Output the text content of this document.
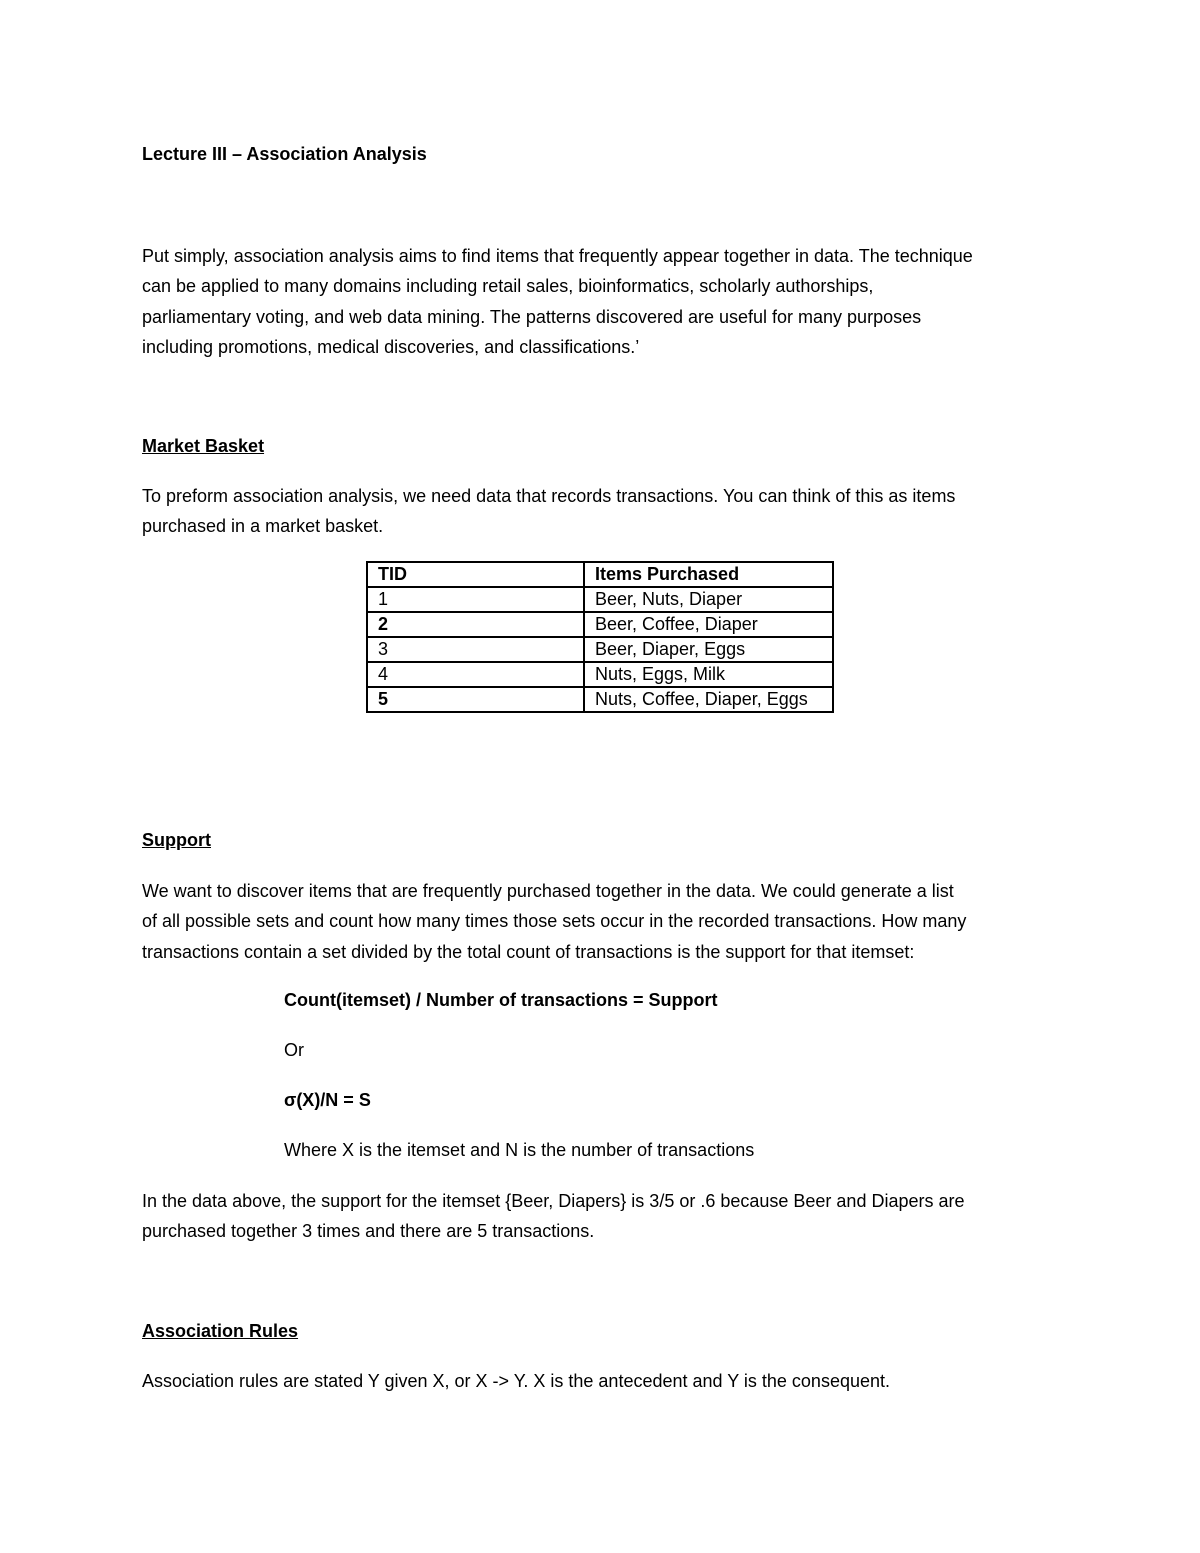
Lecture III – Association Analysis

Put simply, association analysis aims to find items that frequently appear together in data. The technique
can be applied to many domains including retail sales, bioinformatics, scholarly authorships,
parliamentary voting, and web data mining. The patterns discovered are useful for many purposes
including promotions, medical discoveries, and classifications.’

Market Basket

To preform association analysis, we need data that records transactions. You can think of this as items
purchased in a market basket.
TID	Items Purchased
1	Beer, Nuts, Diaper
2	Beer, Coffee, Diaper
3	Beer, Diaper, Eggs
4	Nuts, Eggs, Milk
5	Nuts, Coffee, Diaper, Eggs

Support

We want to discover items that are frequently purchased together in the data. We could generate a list
of all possible sets and count how many times those sets occur in the recorded transactions. How many
transactions contain a set divided by the total count of transactions is the support for that itemset:

Count(itemset) / Number of transactions = Support

Or

σ(X)/N = S

Where X is the itemset and N is the number of transactions

In the data above, the support for the itemset {Beer, Diapers} is 3/5 or .6 because Beer and Diapers are
purchased together 3 times and there are 5 transactions.

Association Rules

Association rules are stated Y given X, or X -> Y. X is the antecedent and Y is the consequent.
